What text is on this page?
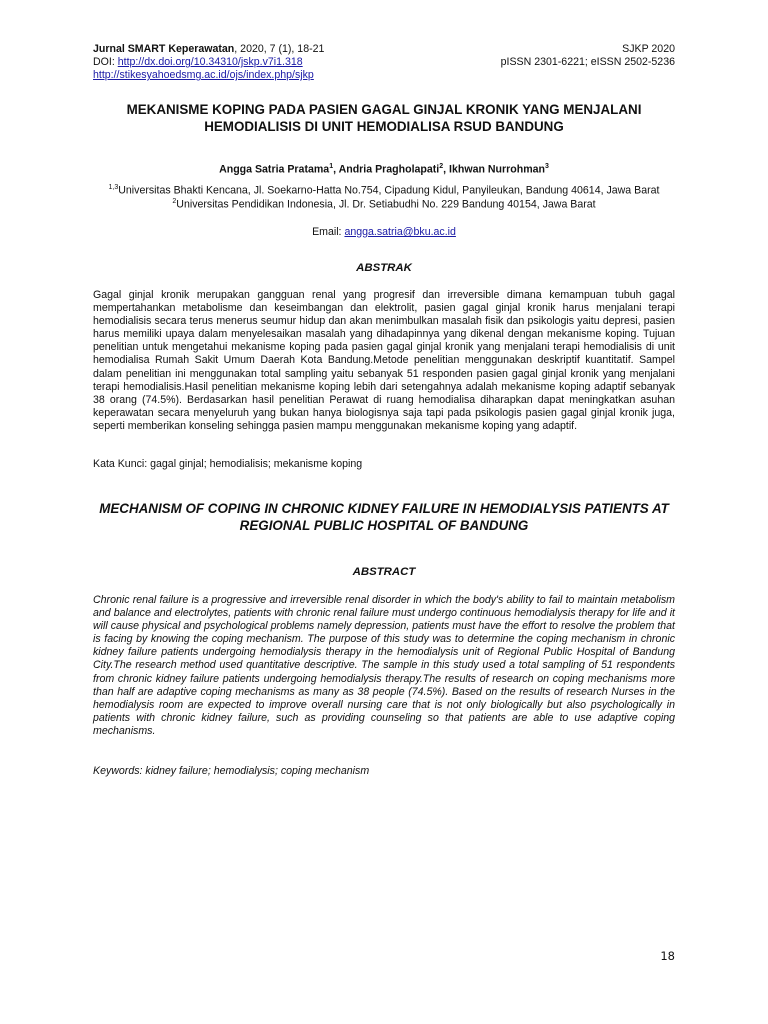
Jurnal SMART Keperawatan, 2020, 7 (1), 18-21
DOI: http://dx.doi.org/10.34310/jskp.v7i1.318
http://stikesyahoedsmg.ac.id/ojs/index.php/sjkp
SJKP 2020
pISSN 2301-6221; eISSN 2502-5236
MEKANISME KOPING PADA PASIEN GAGAL GINJAL KRONIK YANG MENJALANI
HEMODIALISIS DI UNIT HEMODIALISA RSUD BANDUNG
Angga Satria Pratama$^1$, Andria Pragholapati$^2$, Ikhwan Nurrohman$^3$
$^{1,3}$Universitas Bhakti Kencana, Jl. Soekarno-Hatta No.754, Cipadung Kidul, Panyileukan, Bandung 40614, Jawa Barat
$^2$Universitas Pendidikan Indonesia, Jl. Dr. Setiabudhi No. 229 Bandung 40154, Jawa Barat
Email: angga.satria@bku.ac.id
ABSTRAK

Gagal ginjal kronik merupakan gangguan renal yang progresif dan irreversible dimana kemampuan tubuh gagal mempertahankan metabolisme dan keseimbangan dan elektrolit, pasien gagal ginjal kronik harus menjalani terapi hemodialisis secara terus menerus seumur hidup dan akan menimbulkan masalah fisik dan psikologis yaitu depresi, pasien harus memiliki upaya dalam menyelesaikan masalah yang dihadapinnya yang dikenal dengan mekanisme koping. Tujuan penelitian untuk mengetahui mekanisme koping pada pasien gagal ginjal kronik yang menjalani terapi hemodialisis di unit hemodialisa Rumah Sakit Umum Daerah Kota Bandung.Metode penelitian menggunakan deskriptif kuantitatif. Sampel dalam penelitian ini menggunakan total sampling yaitu sebanyak 51 responden pasien gagal ginjal kronik yang menjalani terapi hemodialisis.Hasil penelitian mekanisme koping lebih dari setengahnya adalah mekanisme koping adaptif sebanyak 38 orang (74.5%). Berdasarkan hasil penelitian Perawat di ruang hemodialisa diharapkan dapat meningkatkan asuhan keperawatan secara menyeluruh yang bukan hanya biologisnya saja tapi pada psikologis pasien gagal ginjal kronik juga, seperti memberikan konseling sehingga pasien mampu menggunakan mekanisme koping yang adaptif.

Kata Kunci: gagal ginjal; hemodialisis; mekanisme koping
MECHANISM OF COPING IN CHRONIC KIDNEY FAILURE IN HEMODIALYSIS PATIENTS AT
REGIONAL PUBLIC HOSPITAL OF BANDUNG
ABSTRACT

Chronic renal failure is a progressive and irreversible renal disorder in which the body's ability to fail to maintain metabolism and balance and electrolytes, patients with chronic renal failure must undergo continuous hemodialysis therapy for life and it will cause physical and psychological problems namely depression, patients must have the effort to resolve the problem that is facing by knowing the coping mechanism. The purpose of this study was to determine the coping mechanism in chronic kidney failure patients undergoing hemodialysis therapy in the hemodialysis unit of Regional Public Hospital of Bandung City.The research method used quantitative descriptive. The sample in this study used a total sampling of 51 respondents from chronic kidney failure patients undergoing hemodialysis therapy.The results of research on coping mechanisms more than half are adaptive coping mechanisms as many as 38 people (74.5%). Based on the results of research Nurses in the hemodialysis room are expected to improve overall nursing care that is not only biologically but also psychologically in patients with chronic kidney failure, such as providing counseling so that patients are able to use adaptive coping mechanisms.

Keywords: kidney failure; hemodialysis; coping mechanism
18
